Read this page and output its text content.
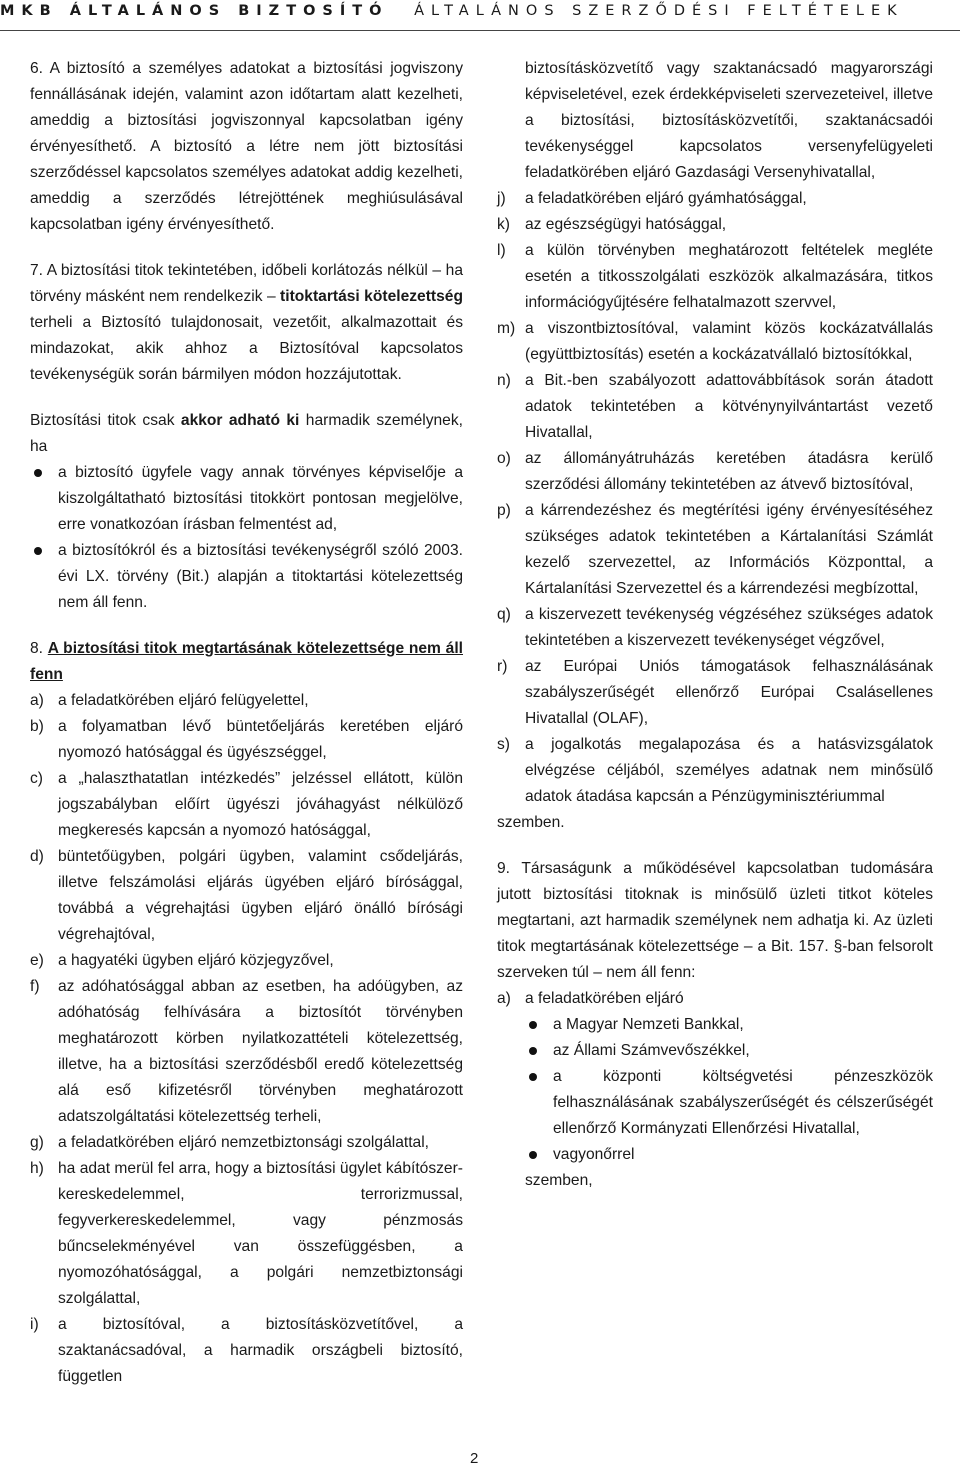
MKB ÁLTALÁNOS BIZTOSÍTÓ ÁLTALÁNOS SZERZŐDÉSI FELTÉTELEK

6. A biztosító a személyes adatokat a biztosítási jogviszony fennállásának idején, valamint azon időtartam alatt kezelheti, ameddig a biztosítási jogviszonnyal kapcsolatban igény érvényesíthető. A biztosító a létre nem jött biztosítási szerződéssel kapcsolatos személyes adatokat addig kezelheti, ameddig a szerződés létrejöttének meghiúsulásával kapcsolatban igény érvényesíthető.

7. A biztosítási titok tekintetében, időbeli korlátozás nélkül – ha törvény másként nem rendelkezik – titoktartási kötelezettség terheli a Biztosító tulajdonosait, vezetőit, alkalmazottait és mindazokat, akik ahhoz a Biztosítóval kapcsolatos tevékenységük során bármilyen módon hozzájutottak.

Biztosítási titok csak akkor adható ki harmadik személynek, ha
a biztosító ügyfele vagy annak törvényes képviselője a kiszolgáltatható biztosítási titokkört pontosan megjelölve, erre vonatkozóan írásban felmentést ad,
a biztosítókról és a biztosítási tevékenységről szóló 2003. évi LX. törvény (Bit.) alapján a titoktartási kötelezettség nem áll fenn.
8. A biztosítási titok megtartásának kötelezettsége nem áll fenn
a) a feladatkörében eljáró felügyelettel,
b) a folyamatban lévő büntetőeljárás keretében eljáró nyomozó hatósággal és ügyészséggel,
c) a „halaszthatatlan intézkedés” jelzéssel ellátott, külön jogszabályban előírt ügyészi jóváhagyást nélkülöző megkeresés kapcsán a nyomozó hatósággal,
d) büntetőügyben, polgári ügyben, valamint csődeljárás, illetve felszámolási eljárás ügyében eljáró bírósággal, továbbá a végrehajtási ügyben eljáró önálló bírósági végrehajtóval,
e) a hagyatéki ügyben eljáró közjegyzővel,
f)	az adóhatósággal abban az esetben, ha adóügyben, az adóhatóság felhívására a biztosítót törvényben meghatározott körben nyilatkozattételi kötelezettség, illetve, ha a biztosítási szerződésből eredő kötelezettség alá eső kifizetésről törvényben meghatározott adatszolgáltatási kötelezettség terheli,
g) a feladatkörében eljáró nemzetbiztonsági szolgálattal,
h) ha adat merül fel arra, hogy a biztosítási ügylet kábítószer-kereskedelemmel, terrorizmussal, fegyverkereskedelemmel, vagy pénzmosás bűncselekményével van összefüggésben, a nyomozóhatósággal, a polgári nemzetbiztonsági szolgálattal,
i)	a biztosítóval, a biztosításközvetítővel, a szaktanácsadóval, a harmadik országbeli biztosító, független
biztosításközvetítő vagy szaktanácsadó magyarországi képviseletével, ezek érdekképviseleti szervezeteivel, illetve a biztosítási, biztosításközvetítői, szaktanácsadói tevékenységgel kapcsolatos versenyfelügyeleti feladatkörében eljáró Gazdasági Versenyhivatallal,
j)	a feladatkörében eljáró gyámhatósággal,
k) az egészségügyi hatósággal,
l)	a külön törvényben meghatározott feltételek megléte esetén a titkosszolgálati eszközök alkalmazására, titkos információgyűjtésére felhatalmazott szervvel,
m) a viszontbiztosítóval, valamint közös kockázatvállalás (együttbiztosítás) esetén a kockázatvállaló biztosítókkal,
n) a Bit.-ben szabályozott adattovábbítások során átadott adatok tekintetében a kötvénynyilvántartást vezető Hivatallal,
o) az állományátruházás keretében átadásra kerülő szerződési állomány tekintetében az átvevő biztosítóval,
p) a kárrendezéshez és megtérítési igény érvényesítéséhez szükséges adatok tekintetében a Kártalanítási Számlát kezelő szervezettel, az Információs Központtal, a Kártalanítási Szervezettel és a kárrendezési megbízottal,
q) a kiszervezett tevékenység végzéséhez szükséges adatok tekintetében a kiszervezett tevékenységet végzővel,
r)	az Európai Uniós támogatások felhasználásának szabályszerűségét ellenőrző Európai Csalásellenes Hivatallal (OLAF),
s) a jogalkotás megalapozása és a hatásvizsgálatok elvégzése céljából, személyes adatnak nem minősülő adatok átadása kapcsán a Pénzügyminisztériummal
szemben.

9. Társaságunk a működésével kapcsolatban tudomására jutott biztosítási titoknak is minősülő üzleti titkot köteles megtartani, azt harmadik személynek nem adhatja ki. Az üzleti titok megtartásának kötelezettsége – a Bit. 157. §-ban felsorolt szerveken túl – nem áll fenn:

a) a feladatkörében eljáró
a Magyar Nemzeti Bankkal,
az Állami Számvevőszékkel,
a központi költségvetési pénzeszközök felhasználásának szabályszerűségét és célszerűségét ellenőrző Kormányzati Ellenőrzési Hivatallal,
vagyonőrrel
szemben,
2
